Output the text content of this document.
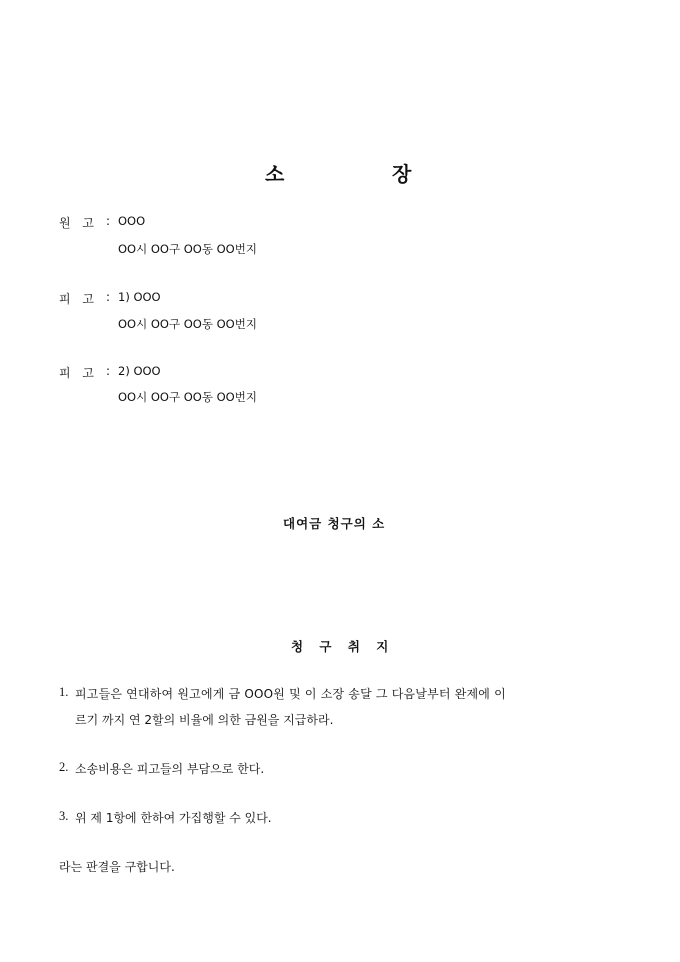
소	장
원 고 : OOO
OO시 OO구 OO동 OO번지
피 고 : 1) OOO
OO시 OO구 OO동 OO번지
피 고 : 2) OOO
OO시 OO구 OO동 OO번지
대여금 청구의 소
청 구 취 지
1. 피고들은 연대하여 원고에게 금 OOO원 및 이 소장 송달 그 다음날부터 완제에 이
르기 까지 연 2할의 비율에 의한 금원을 지급하라.
2. 소송비용은 피고들의 부담으로 한다.
3. 위 제 1항에 한하여 가집행할 수 있다.
라는 판결을 구합니다.
